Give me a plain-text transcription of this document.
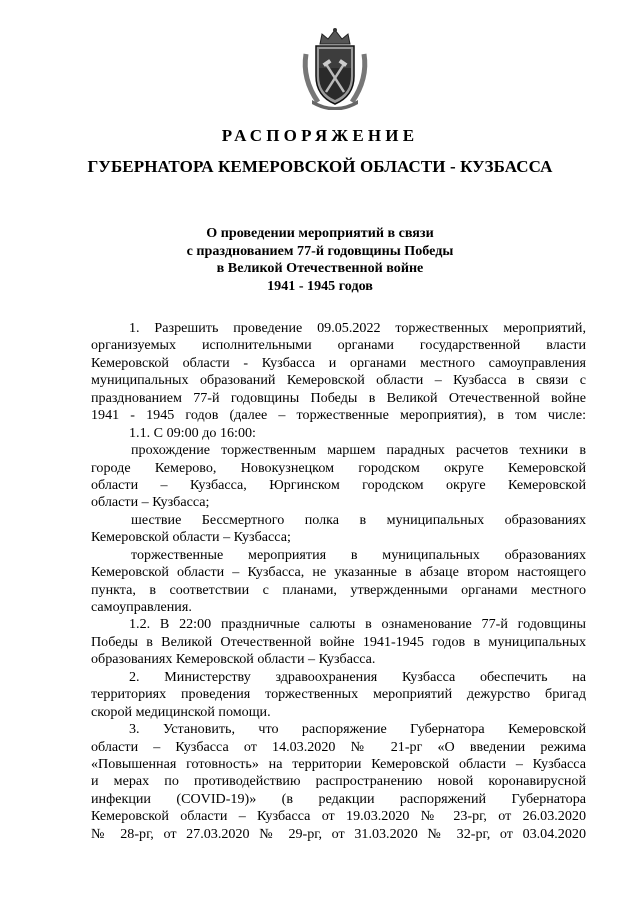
РАСПОРЯЖЕНИЕ
ГУБЕРНАТОРА КЕМЕРОВСКОЙ ОБЛАСТИ - КУЗБАССА
О проведении мероприятий в связи
с празднованием 77-й годовщины Победы
в Великой Отечественной войне
1941 - 1945 годов
1. Разрешить проведение 09.05.2022 торжественных мероприятий,
организуемых исполнительными органами государственной власти
Кемеровской области - Кузбасса и органами местного самоуправления
муниципальных образований Кемеровской области – Кузбасса в связи с
празднованием 77-й годовщины Победы в Великой Отечественной войне
1941 - 1945 годов (далее – торжественные мероприятия), в том числе:
1.1. С 09:00 до 16:00:
прохождение торжественным маршем парадных расчетов техники в
городе Кемерово, Новокузнецком городском округе Кемеровской
области – Кузбасса, Юргинском городском округе Кемеровской
области – Кузбасса;
шествие Бессмертного полка в муниципальных образованиях
Кемеровской области – Кузбасса;
торжественные мероприятия в муниципальных образованиях
Кемеровской области – Кузбасса, не указанные в абзаце втором настоящего
пункта, в соответствии с планами, утвержденными органами местного
самоуправления.
1.2. В 22:00 праздничные салюты в ознаменование 77-й годовщины
Победы в Великой Отечественной войне 1941-1945 годов в муниципальных
образованиях Кемеровской области – Кузбасса.
2. Министерству здравоохранения Кузбасса обеспечить на
территориях проведения торжественных мероприятий дежурство бригад
скорой медицинской помощи.
3. Установить, что распоряжение Губернатора Кемеровской
области – Кузбасса от 14.03.2020 № 21-рг «О введении режима
«Повышенная готовность» на территории Кемеровской области – Кузбасса
и мерах по противодействию распространению новой коронавирусной
инфекции (COVID-19)» (в редакции распоряжений Губернатора
Кемеровской области – Кузбасса от 19.03.2020 № 23-рг, от 26.03.2020
№ 28-рг, от 27.03.2020 № 29-рг, от 31.03.2020 № 32-рг, от 03.04.2020
